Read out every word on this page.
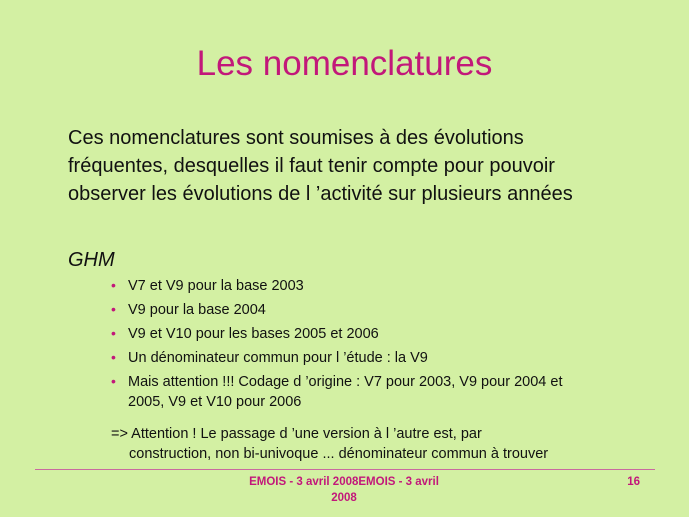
Les nomenclatures
Ces nomenclatures sont soumises à des évolutions
fréquentes, desquelles il faut tenir compte pour pouvoir
observer les évolutions de l ’activité sur plusieurs années
GHM
• V7 et V9 pour la base 2003
• V9 pour la base 2004
• V9 et V10 pour les bases 2005 et 2006
• Un dénominateur commun pour l ’étude : la V9
• Mais attention !!! Codage d ’origine : V7 pour 2003, V9 pour 2004 et
2005, V9 et V10 pour 2006
=> Attention ! Le passage d ’une version à l ’autre est, par
construction, non bi-univoque ... dénominateur commun à trouver
EMOIS - 3 avril 2008EMOIS - 3 avril 2008
16
